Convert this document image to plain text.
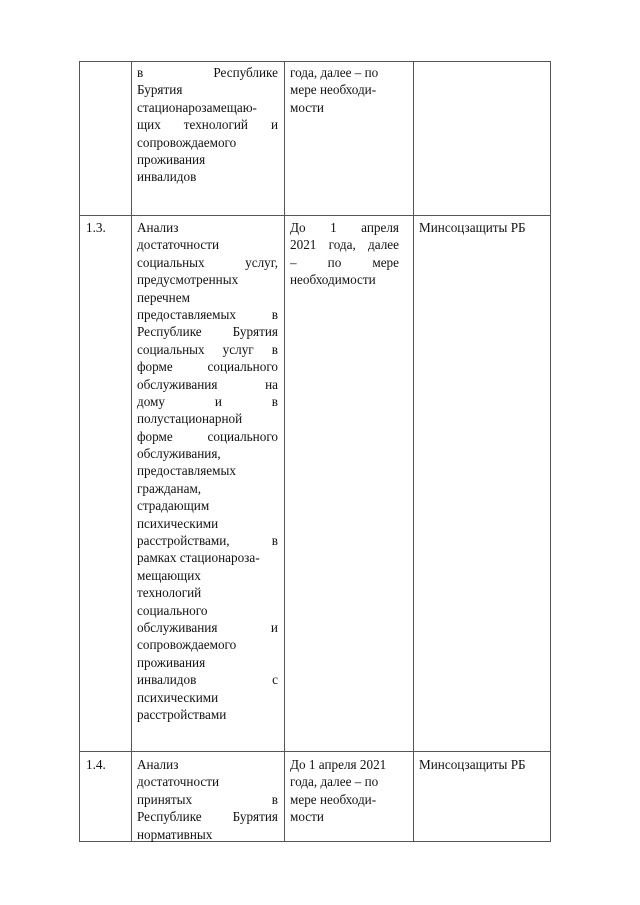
в Республике
Бурятия
стационарозамещаю-
щих технологий и
сопровождаемого
проживания
инвалидов
года, далее – по
мере необходи-
мости
1.3. Анализ
достаточности
социальных услуг,
предусмотренных
перечнем
предоставляемых в
Республике Бурятия
социальных услуг в
форме социального
обслуживания на
дому и в
полустационарной
форме социального
обслуживания,
предоставляемых
гражданам,
страдающим
психическими
расстройствами, в
рамках стационароза-
мещающих
технологий
социального
обслуживания и
сопровождаемого
проживания
инвалидов с
психическими
расстройствами
До 1 апреля
2021 года, далее
– по мере
необходимости
Минсоцзащиты РБ
1.4. Анализ
достаточности
принятых в
Республике Бурятия
нормативных
До 1 апреля 2021
года, далее – по
мере необходи-
мости
Минсоцзащиты РБ
